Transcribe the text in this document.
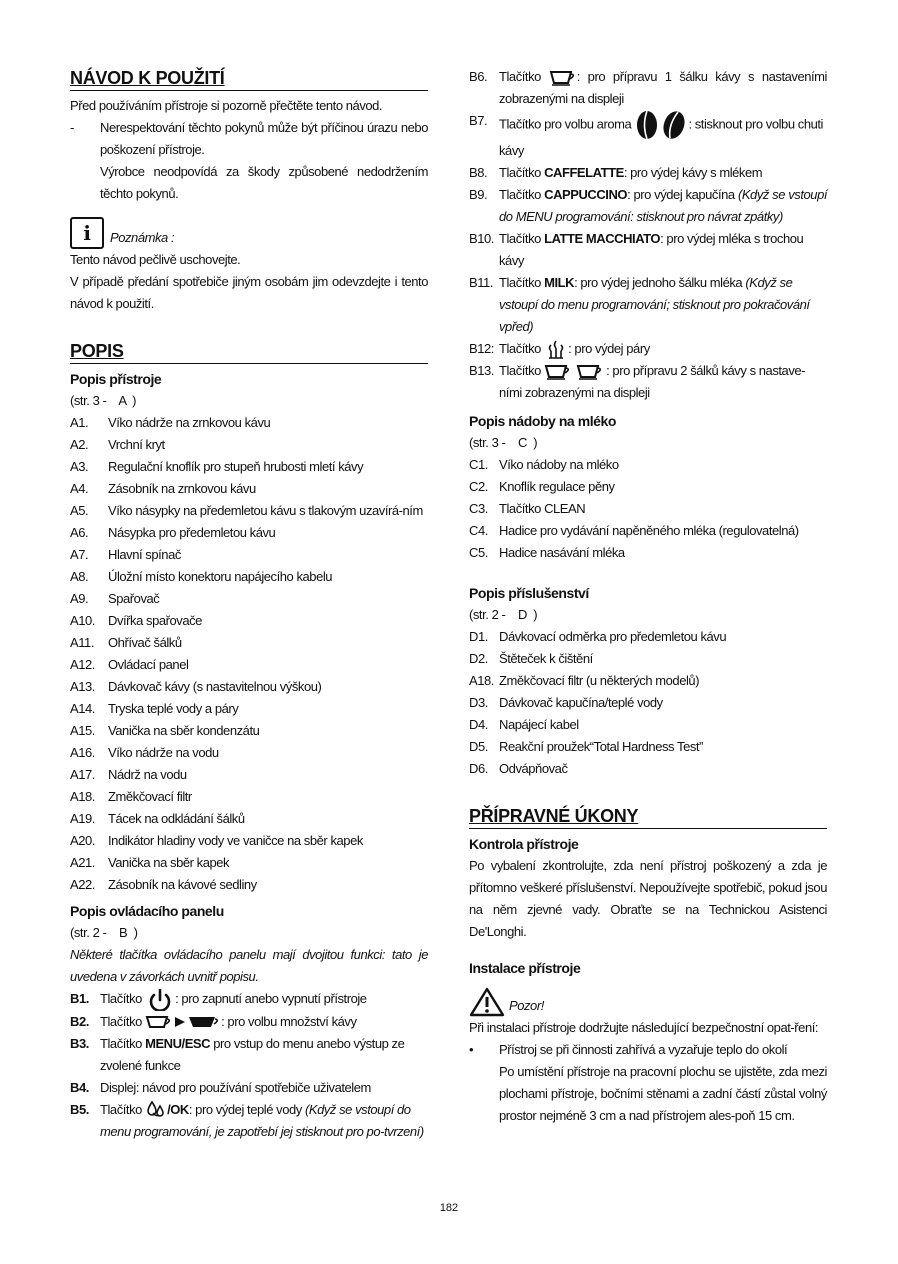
NÁVOD K POUŽITÍ

Před používáním přístroje si pozorně přečtěte tento návod.

-	Nerespektování těchto pokynů může být příčinou úrazu nebo poškození přístroje.
Výrobce neodpovídá za škody způsobené nedodržením těchto pokynů.
i	Poznámka :

Tento návod pečlivě uschovejte.

V případě předání spotřebiče jiným osobám jim odevzdejte i tento návod k použití.

POPIS
Popis přístroje
(str. 3 -    A  )
A1.	Víko nádrže na zrnkovou kávu
A2.	Vrchní kryt
A3.	Regulační knoflík pro stupeň hrubosti mletí kávy
A4.	Zásobník na zrnkovou kávu
A5.	Víko násypky na předemletou kávu s tlakovým uzavírá-ním
A6.	Násypka pro předemletou kávu
A7.	Hlavní spínač
A8.	Úložní místo konektoru napájecího kabelu
A9.	Spařovač
A10.	Dvířka spařovače
A11.	Ohřívač šálků
A12.	Ovládací panel
A13.	Dávkovač kávy (s nastavitelnou výškou)
A14.	Tryska teplé vody a páry
A15.	Vanička na sběr kondenzátu
A16.	Víko nádrže na vodu
A17.	Nádrž na vodu
A18.	Změkčovací filtr
A19.	Tácek na odkládání šálků
A20.	Indikátor hladiny vody ve vaničce na sběr kapek
A21.	Vanička na sběr kapek
A22.	Zásobník na kávové sedliny
Popis ovládacího panelu
(str. 2 -    B  )
Některé tlačítka ovládacího panelu mají dvojitou funkci: tato je uvedena v závorkách uvnitř popisu.
B1. Tlačítko	: pro zapnutí anebo vypnutí přístroje
B2. Tlačítko	: pro volbu množství kávy
B3. Tlačítko MENU/ESC pro vstup do menu anebo výstup ze zvolené funkce
B4. Displej: návod pro používání spotřebiče uživatelem
B5. Tlačítko /OK: pro výdej teplé vody (Když se vstoupí do menu programování, je zapotřebí jej stisknout pro po-tvrzení)
B6. Tlačítko	: pro přípravu 1 šálku kávy s nastaveními zobrazenými na displeji
B7. Tlačítko pro volbu aroma	: stisknout pro volbu chuti kávy
B8. Tlačítko CAFFELATTE: pro výdej kávy s mlékem
B9. Tlačítko CAPPUCCINO: pro výdej kapučína (Když se vstoupí do MENU programování: stisknout pro návrat zpátky)
B10. Tlačítko LATTE MACCHIATO: pro výdej mléka s trochou kávy
B11. Tlačítko MILK: pro výdej jednoho šálku mléka (Když se vstoupí do menu programování; stisknout pro pokračování vpřed)
B12: Tlačítko : pro výdej páry
B13. Tlačítko	: pro přípravu 2 šálků kávy s nastave-ními zobrazenými na displeji
Popis nádoby na mléko
(str. 3 -    C  )
C1. Víko nádoby na mléko
C2. Knoflík regulace pěny
C3. Tlačítko CLEAN
C4. Hadice pro vydávání napěněného mléka (regulovatelná)
C5. Hadice nasávání mléka
Popis příslušenství
(str. 2 -    D  )
D1. Dávkovací odměrka pro předemletou kávu
D2. Štěteček k čištění
A18. Změkčovací filtr (u některých modelů)
D3. Dávkovač kapučína/teplé vody
D4. Napájecí kabel
D5. Reakční proužek“Total Hardness Test”
D6. Odvápňovač
PŘÍPRAVNÉ ÚKONY
Kontrola přístroje

Po vybalení zkontrolujte, zda není přístroj poškozený a zda je přítomno veškeré příslušenství. Nepoužívejte spotřebič, pokud jsou na něm zjevné vady. Obraťte se na Technickou Asistenci De'Longhi.

Instalace přístroje
Pozor!

Při instalaci přístroje dodržujte následující bezpečnostní opat-ření:

•	Přístroj se při činnosti zahřívá a vyzařuje teplo do okolí
Po umístění přístroje na pracovní plochu se ujistěte, zda mezi plochami přístroje, bočními stěnami a zadní částí zůstal volný prostor nejméně 3 cm a nad přístrojem ales-poň 15 cm.
182
